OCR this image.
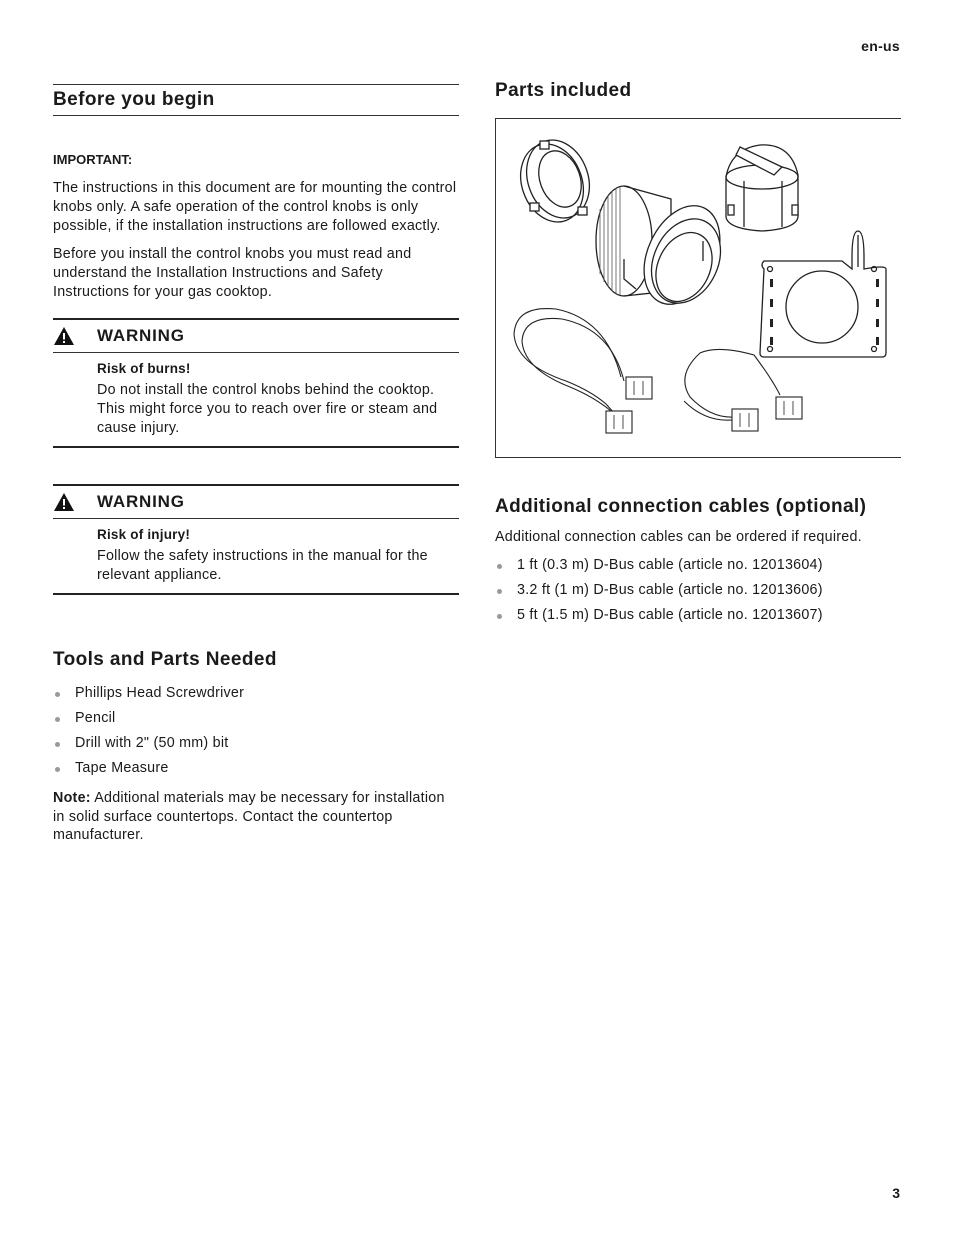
en-us
Before you begin
IMPORTANT:

The instructions in this document are for mounting the control knobs only. A safe operation of the control knobs is only possible, if the installation instructions are followed exactly.

Before you install the control knobs you must read and understand the Installation Instructions and Safety Instructions for your gas cooktop.

WARNING
Risk of burns!
Do not install the control knobs behind the cooktop. This might force you to reach over fire or steam and cause injury.
WARNING
Risk of injury!
Follow the safety instructions in the manual for the relevant appliance.
Tools and Parts Needed
Phillips Head Screwdriver
Pencil
Drill with 2" (50 mm) bit
Tape Measure

Note: Additional materials may be necessary for installation in solid surface countertops. Contact the countertop manufacturer.

Parts included
Additional connection cables (optional)

Additional connection cables can be ordered if required.

1 ft (0.3 m) D-Bus cable (article no. 12013604)
3.2 ft (1 m) D-Bus cable (article no. 12013606)
5 ft (1.5 m) D-Bus cable (article no. 12013607)
3
